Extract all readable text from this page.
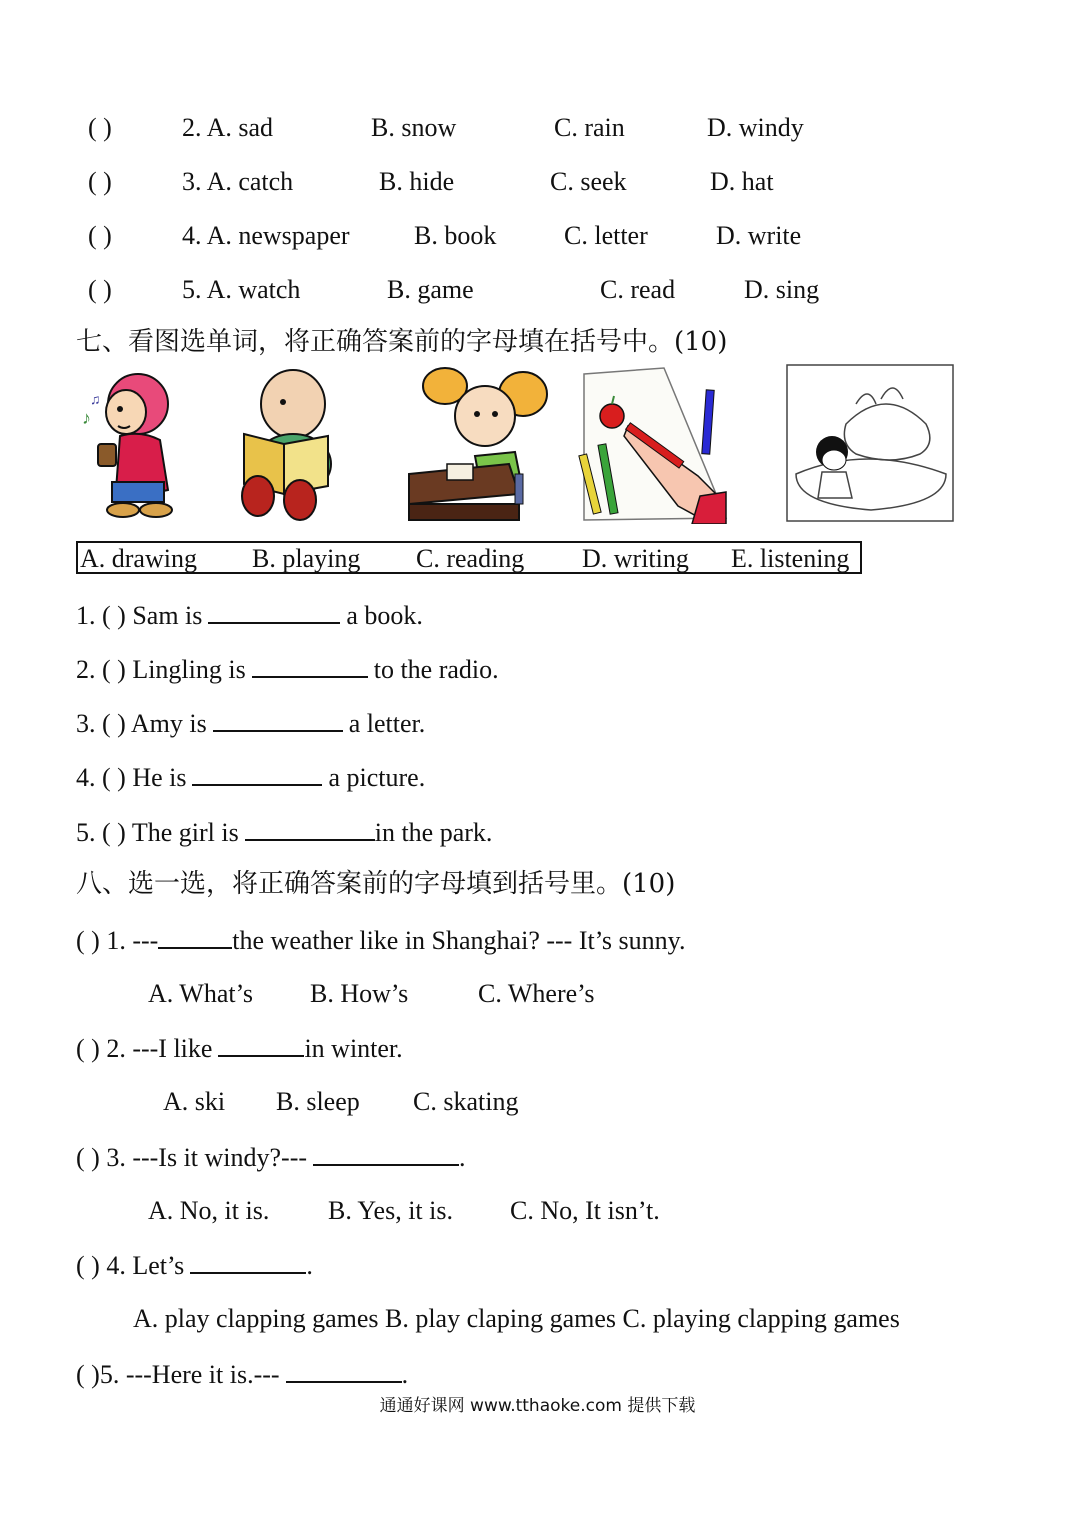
( )	2. A. sad	B. snow	C. rain	D. windy
( )	3. A. catch	B. hide	C. seek	D. hat
( )	4. A. newspaper B. book	C. letter	D. write
( )	5. A. watch	B. game	C. read	D. sing
七、看图选单词，将正确答案前的字母填在括号中。(10)
♪
♫
A. drawing B. playing C. reading D. writing E. listening
1. ( ) Sam is	a book.
2. ( ) Lingling is	to the radio.
3. ( ) Amy is	a letter.
4. ( ) He is	a picture.
5. ( ) The girl is	in the park.
八、选一选，将正确答案前的字母填到括号里。(10)
( ) 1. ---	the weather like in Shanghai? --- It’s sunny.
A. What’s B. How’s	C. Where’s
( ) 2. ---I like	in winter.
A. ski B. sleep C. skating
( ) 3. ---Is it windy?---	.
A. No, it is. B. Yes, it is. C. No, It isn’t.
( ) 4. Let’s	.
A. play clapping games B. play claping games C. playing clapping games
( )5. ---Here it is.---	.
通通好课网 www.tthaoke.com 提供下载
